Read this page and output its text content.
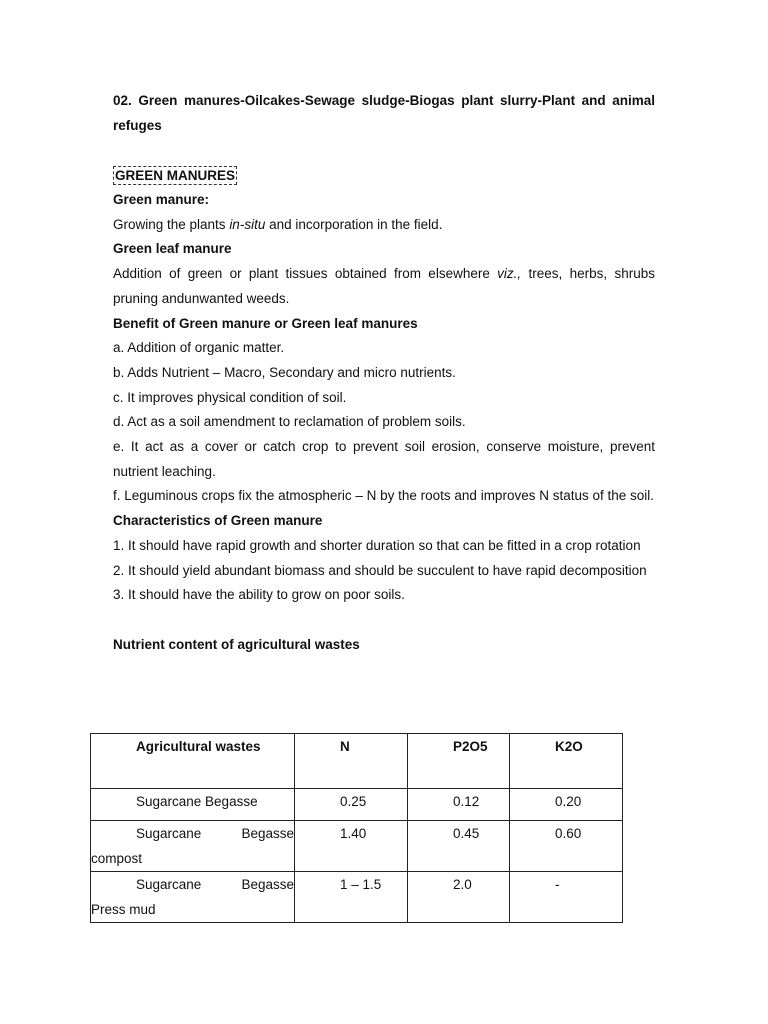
02. Green manures-Oilcakes-Sewage sludge-Biogas plant slurry-Plant and animal refuges

GREEN MANURES

Green manure:

Growing the plants in-situ and incorporation in the field.

Green leaf manure

Addition of green or plant tissues obtained from elsewhere viz., trees, herbs, shrubs pruning andunwanted weeds.

Benefit of Green manure or Green leaf manures

a. Addition of organic matter.

b. Adds Nutrient – Macro, Secondary and micro nutrients.

c. It improves physical condition of soil.

d. Act as a soil amendment to reclamation of problem soils.

e. It act as a cover or catch crop to prevent soil erosion, conserve moisture, prevent nutrient leaching.

f. Leguminous crops fix the atmospheric – N by the roots and improves N status of the soil.

Characteristics of Green manure

1. It should have rapid growth and shorter duration so that can be fitted in a crop rotation

2. It should yield abundant biomass and should be succulent to have rapid decomposition

3. It should have the ability to grow on poor soils.

Nutrient content of agricultural wastes

Agricultural wastes	N	P2O5	K2O

Sugarcane Begasse	0.25	0.12	0.20

Sugarcane Begasse
compost	1.40	0.45	0.60

Sugarcane Begasse
Press mud	1 – 1.5	2.0	-
